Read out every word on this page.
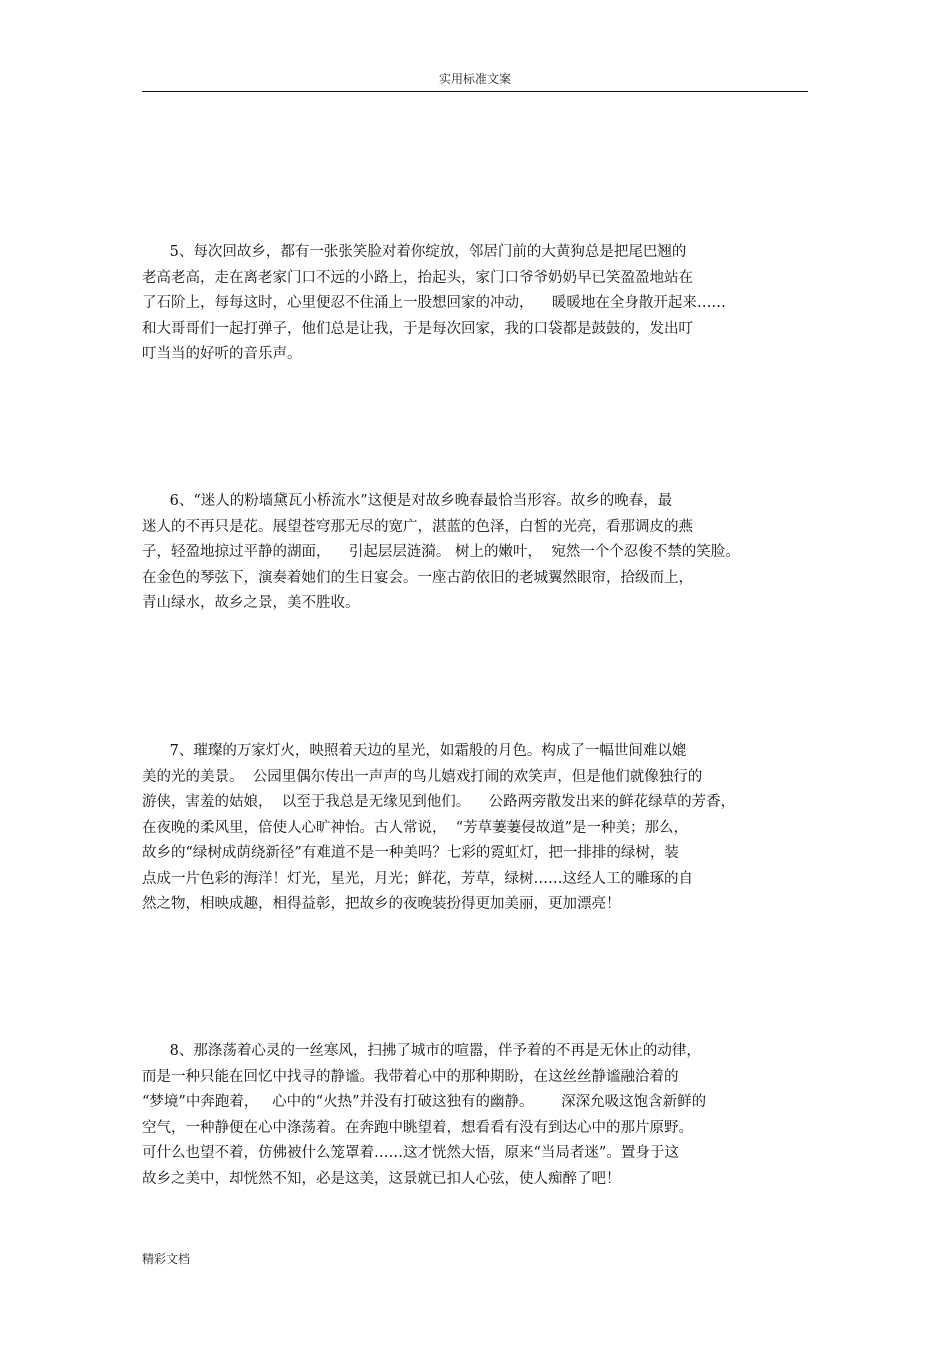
实用标准文案
5、每次回故乡，都有一张张笑脸对着你绽放，邻居门前的大黄狗总是把尾巴翘的
老高老高，走在离老家门口不远的小路上，抬起头，家门口爷爷奶奶早已笑盈盈地站在
了石阶上，每每这时，心里便忍不住涌上一股想回家的冲动，    暖暖地在全身散开起来……
和大哥哥们一起打弹子，他们总是让我，于是每次回家，我的口袋都是鼓鼓的，发出叮
叮当当的好听的音乐声。
6、“迷人的粉墙黛瓦小桥流水”这便是对故乡晚春最恰当形容。故乡的晚春，最
迷人的不再只是花。展望苍穹那无尽的宽广，湛蓝的色泽，白皙的光亮，看那调皮的燕
子，轻盈地掠过平静的湖面，    引起层层涟漪。 树上的嫩叶，  宛然一个个忍俊不禁的笑脸。
在金色的琴弦下，演奏着她们的生日宴会。一座古韵依旧的老城翼然眼帘，拾级而上，
青山绿水，故乡之景，美不胜收。
7、璀璨的万家灯火，映照着天边的星光，如霜般的月色。构成了一幅世间难以媲
美的光的美景。  公园里偶尔传出一声声的鸟儿嬉戏打闹的欢笑声，但是他们就像独行的
游侠，害羞的姑娘，  以至于我总是无缘见到他们。    公路两旁散发出来的鲜花绿草的芳香，
在夜晚的柔风里，倍使人心旷神怡。古人常说，  “芳草萋萋侵故道”是一种美；那么，
故乡的“绿树成荫绕新径”有难道不是一种美吗？七彩的霓虹灯，把一排排的绿树，装
点成一片色彩的海洋！灯光，星光，月光；鲜花，芳草，绿树……这经人工的雕琢的自
然之物，相映成趣，相得益彰，把故乡的夜晚装扮得更加美丽，更加漂亮！
8、那涤荡着心灵的一丝寒风，扫拂了城市的喧嚣，伴予着的不再是无休止的动律，
而是一种只能在回忆中找寻的静谧。我带着心中的那种期盼，在这丝丝静谧融洽着的
“梦境”中奔跑着，   心中的“火热”并没有打破这独有的幽静。      深深允吸这饱含新鲜的
空气，一种静便在心中涤荡着。在奔跑中眺望着，想看看有没有到达心中的那片原野。
可什么也望不着，仿佛被什么笼罩着……这才恍然大悟，原来“当局者迷”。置身于这
故乡之美中，却恍然不知，必是这美，这景就已扣人心弦，使人痴醉了吧！
精彩文档
